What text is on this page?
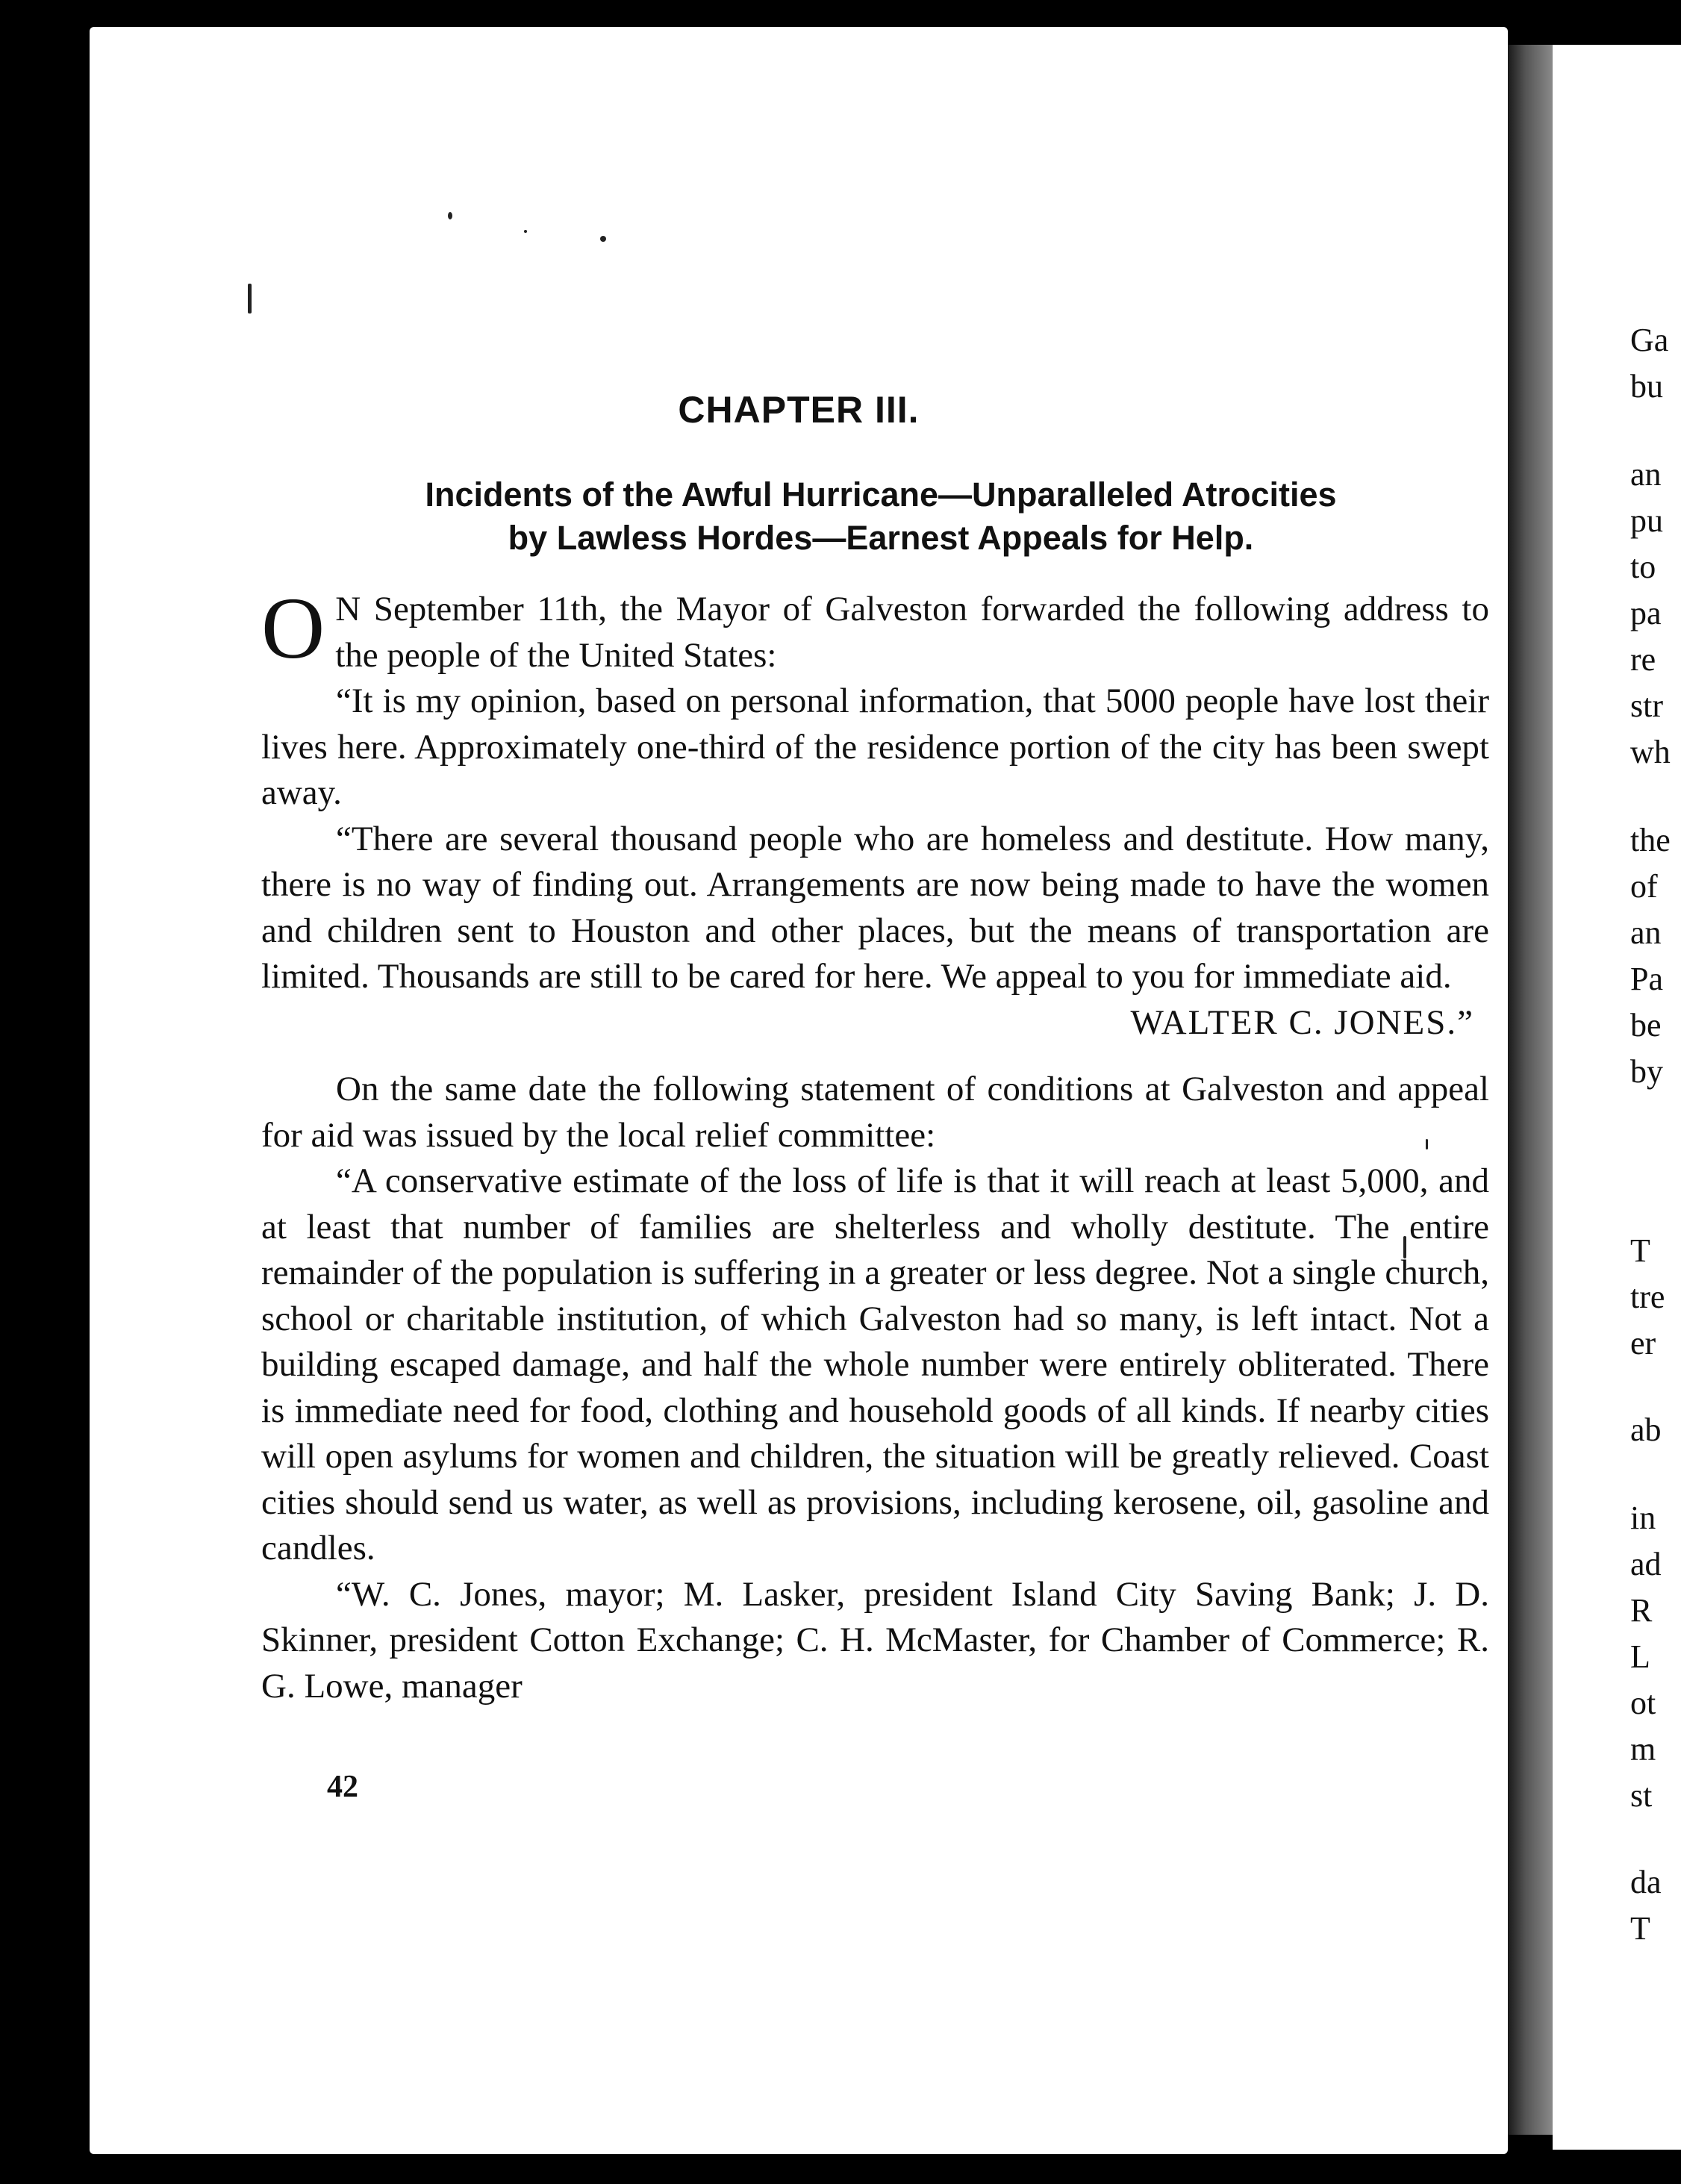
CHAPTER III.
Incidents of the Awful Hurricane—Unparalleled Atrocities
by Lawless Hordes—Earnest Appeals for Help.

O N September 11th, the Mayor of Galveston forwarded the following address to the people of the United States:

“It is my opinion, based on personal information, that 5000 people have lost their lives here. Approximately one-third of the residence portion of the city has been swept away.

“There are several thousand people who are homeless and destitute. How many, there is no way of finding out. Arrangements are now being made to have the women and children sent to Houston and other places, but the means of transportation are limited. Thousands are still to be cared for here. We appeal to you for immediate aid.
WALTER C. JONES.”

On the same date the following statement of conditions at Galveston and appeal for aid was issued by the local relief committee:

“A conservative estimate of the loss of life is that it will reach at least 5,000, and at least that number of families are shelterless and wholly destitute. The entire remainder of the population is suffering in a greater or less degree. Not a single church, school or charitable institution, of which Galveston had so many, is left intact. Not a building escaped damage, and half the whole number were entirely obliterated. There is immediate need for food, clothing and household goods of all kinds. If nearby cities will open asylums for women and children, the situation will be greatly relieved. Coast cities should send us water, as well as provisions, including kerosene, oil, gasoline and candles.

“W. C. Jones, mayor; M. Lasker, president Island City Saving Bank; J. D. Skinner, president Cotton Exchange; C. H. McMaster, for Chamber of Commerce; R. G. Lowe, manager

42

Ga
bu
an
pu
to
pa
re
str
wh
the
of
an
Pa
be
by
T
tre
er
ab
in
ad
R
L
ot
m
st
da
T
